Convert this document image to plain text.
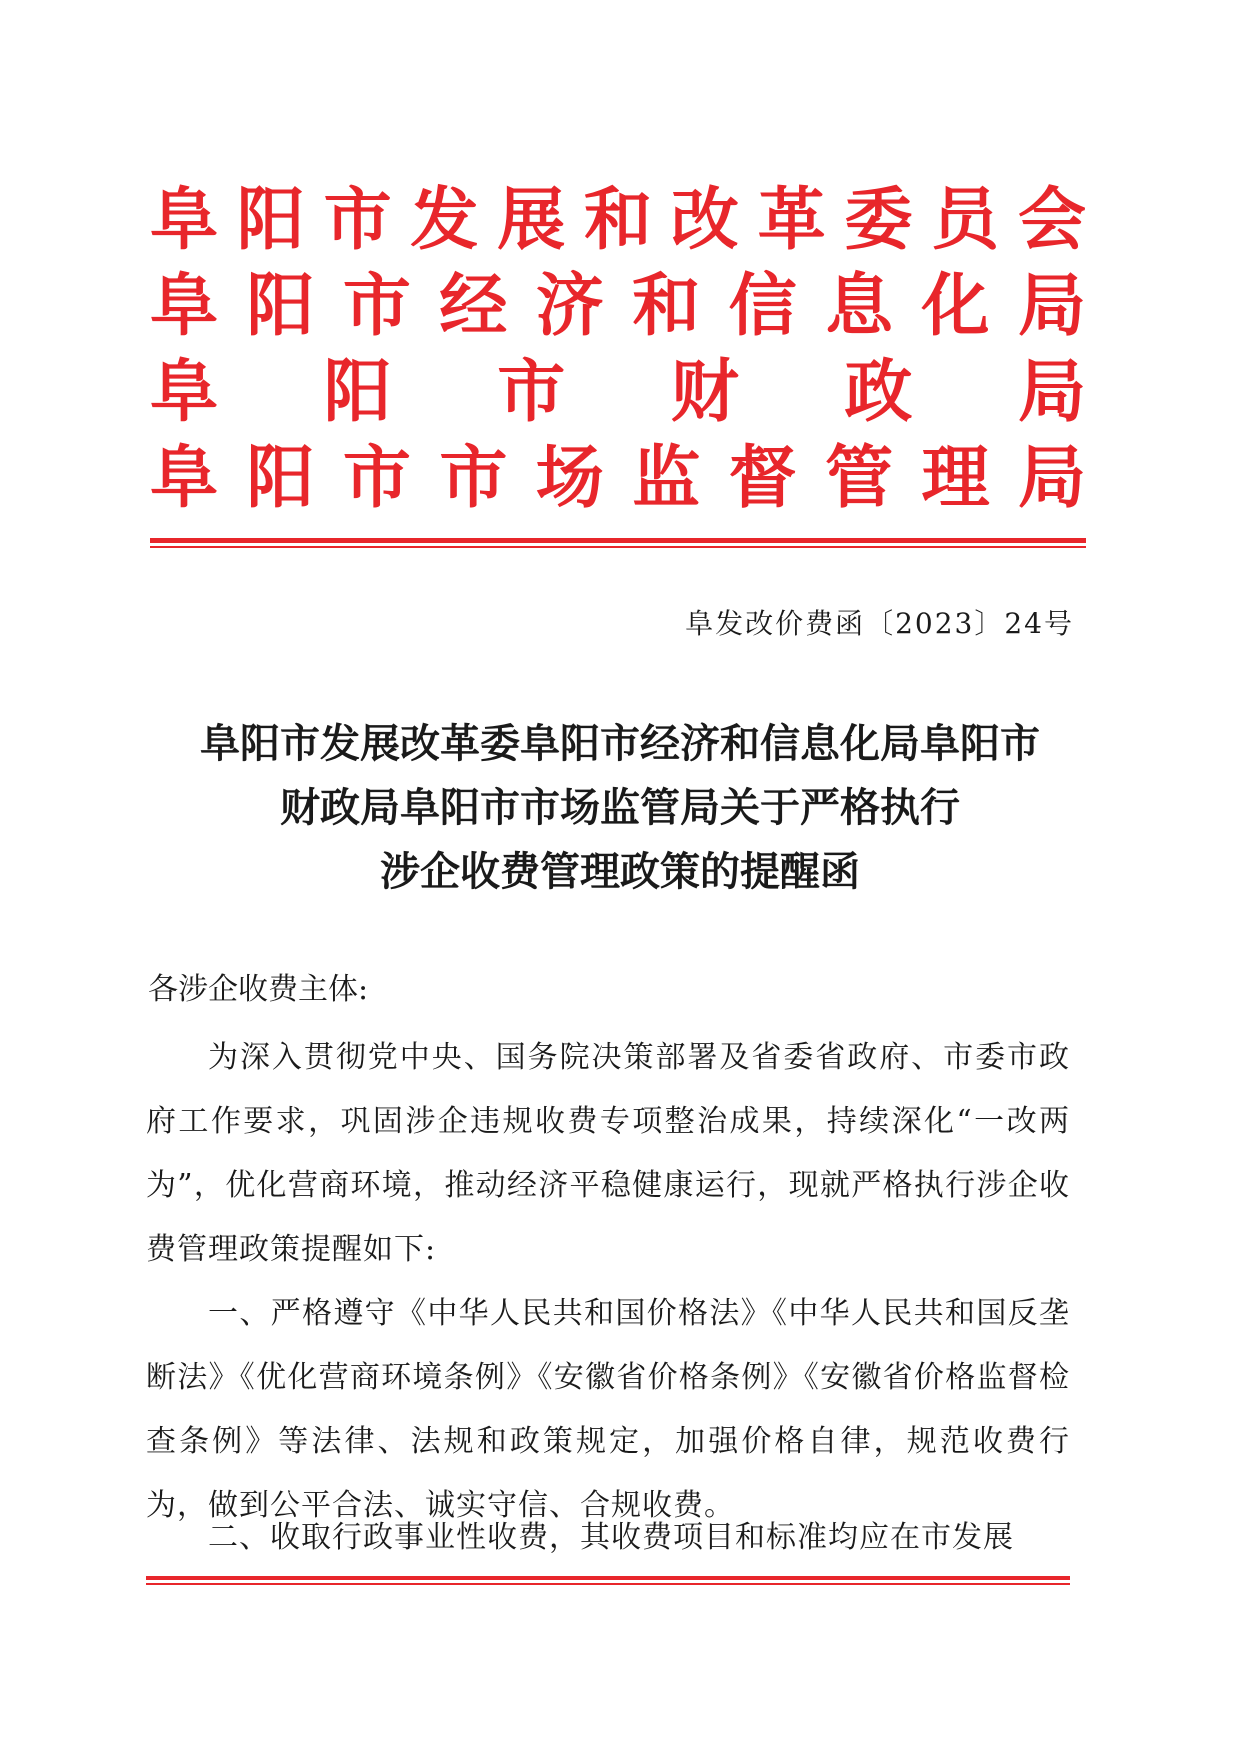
阜 阳 市 发 展 和 改 革 委 员 会
阜 阳 市 经 济 和 信 息 化 局
阜 阳 市 财 政 局
阜 阳 市 市 场 监 督 管 理 局
阜发改价费函〔2023〕24号
阜阳市发展改革委阜阳市经济和信息化局阜阳市
财政局阜阳市市场监管局关于严格执行
涉企收费管理政策的提醒函
各涉企收费主体:
为深入贯彻党中央、国务院决策部署及省委省政府、市委市政府工作要求，巩固涉企违规收费专项整治成果，持续深化“一改两为”，优化营商环境，推动经济平稳健康运行，现就严格执行涉企收费管理政策提醒如下:
一、严格遵守《中华人民共和国价格法》《中华人民共和国反垄断法》《优化营商环境条例》《安徽省价格条例》《安徽省价格监督检查条例》等法律、法规和政策规定，加强价格自律，规范收费行为，做到公平合法、诚实守信、合规收费。
二、收取行政事业性收费，其收费项目和标准均应在市发展
